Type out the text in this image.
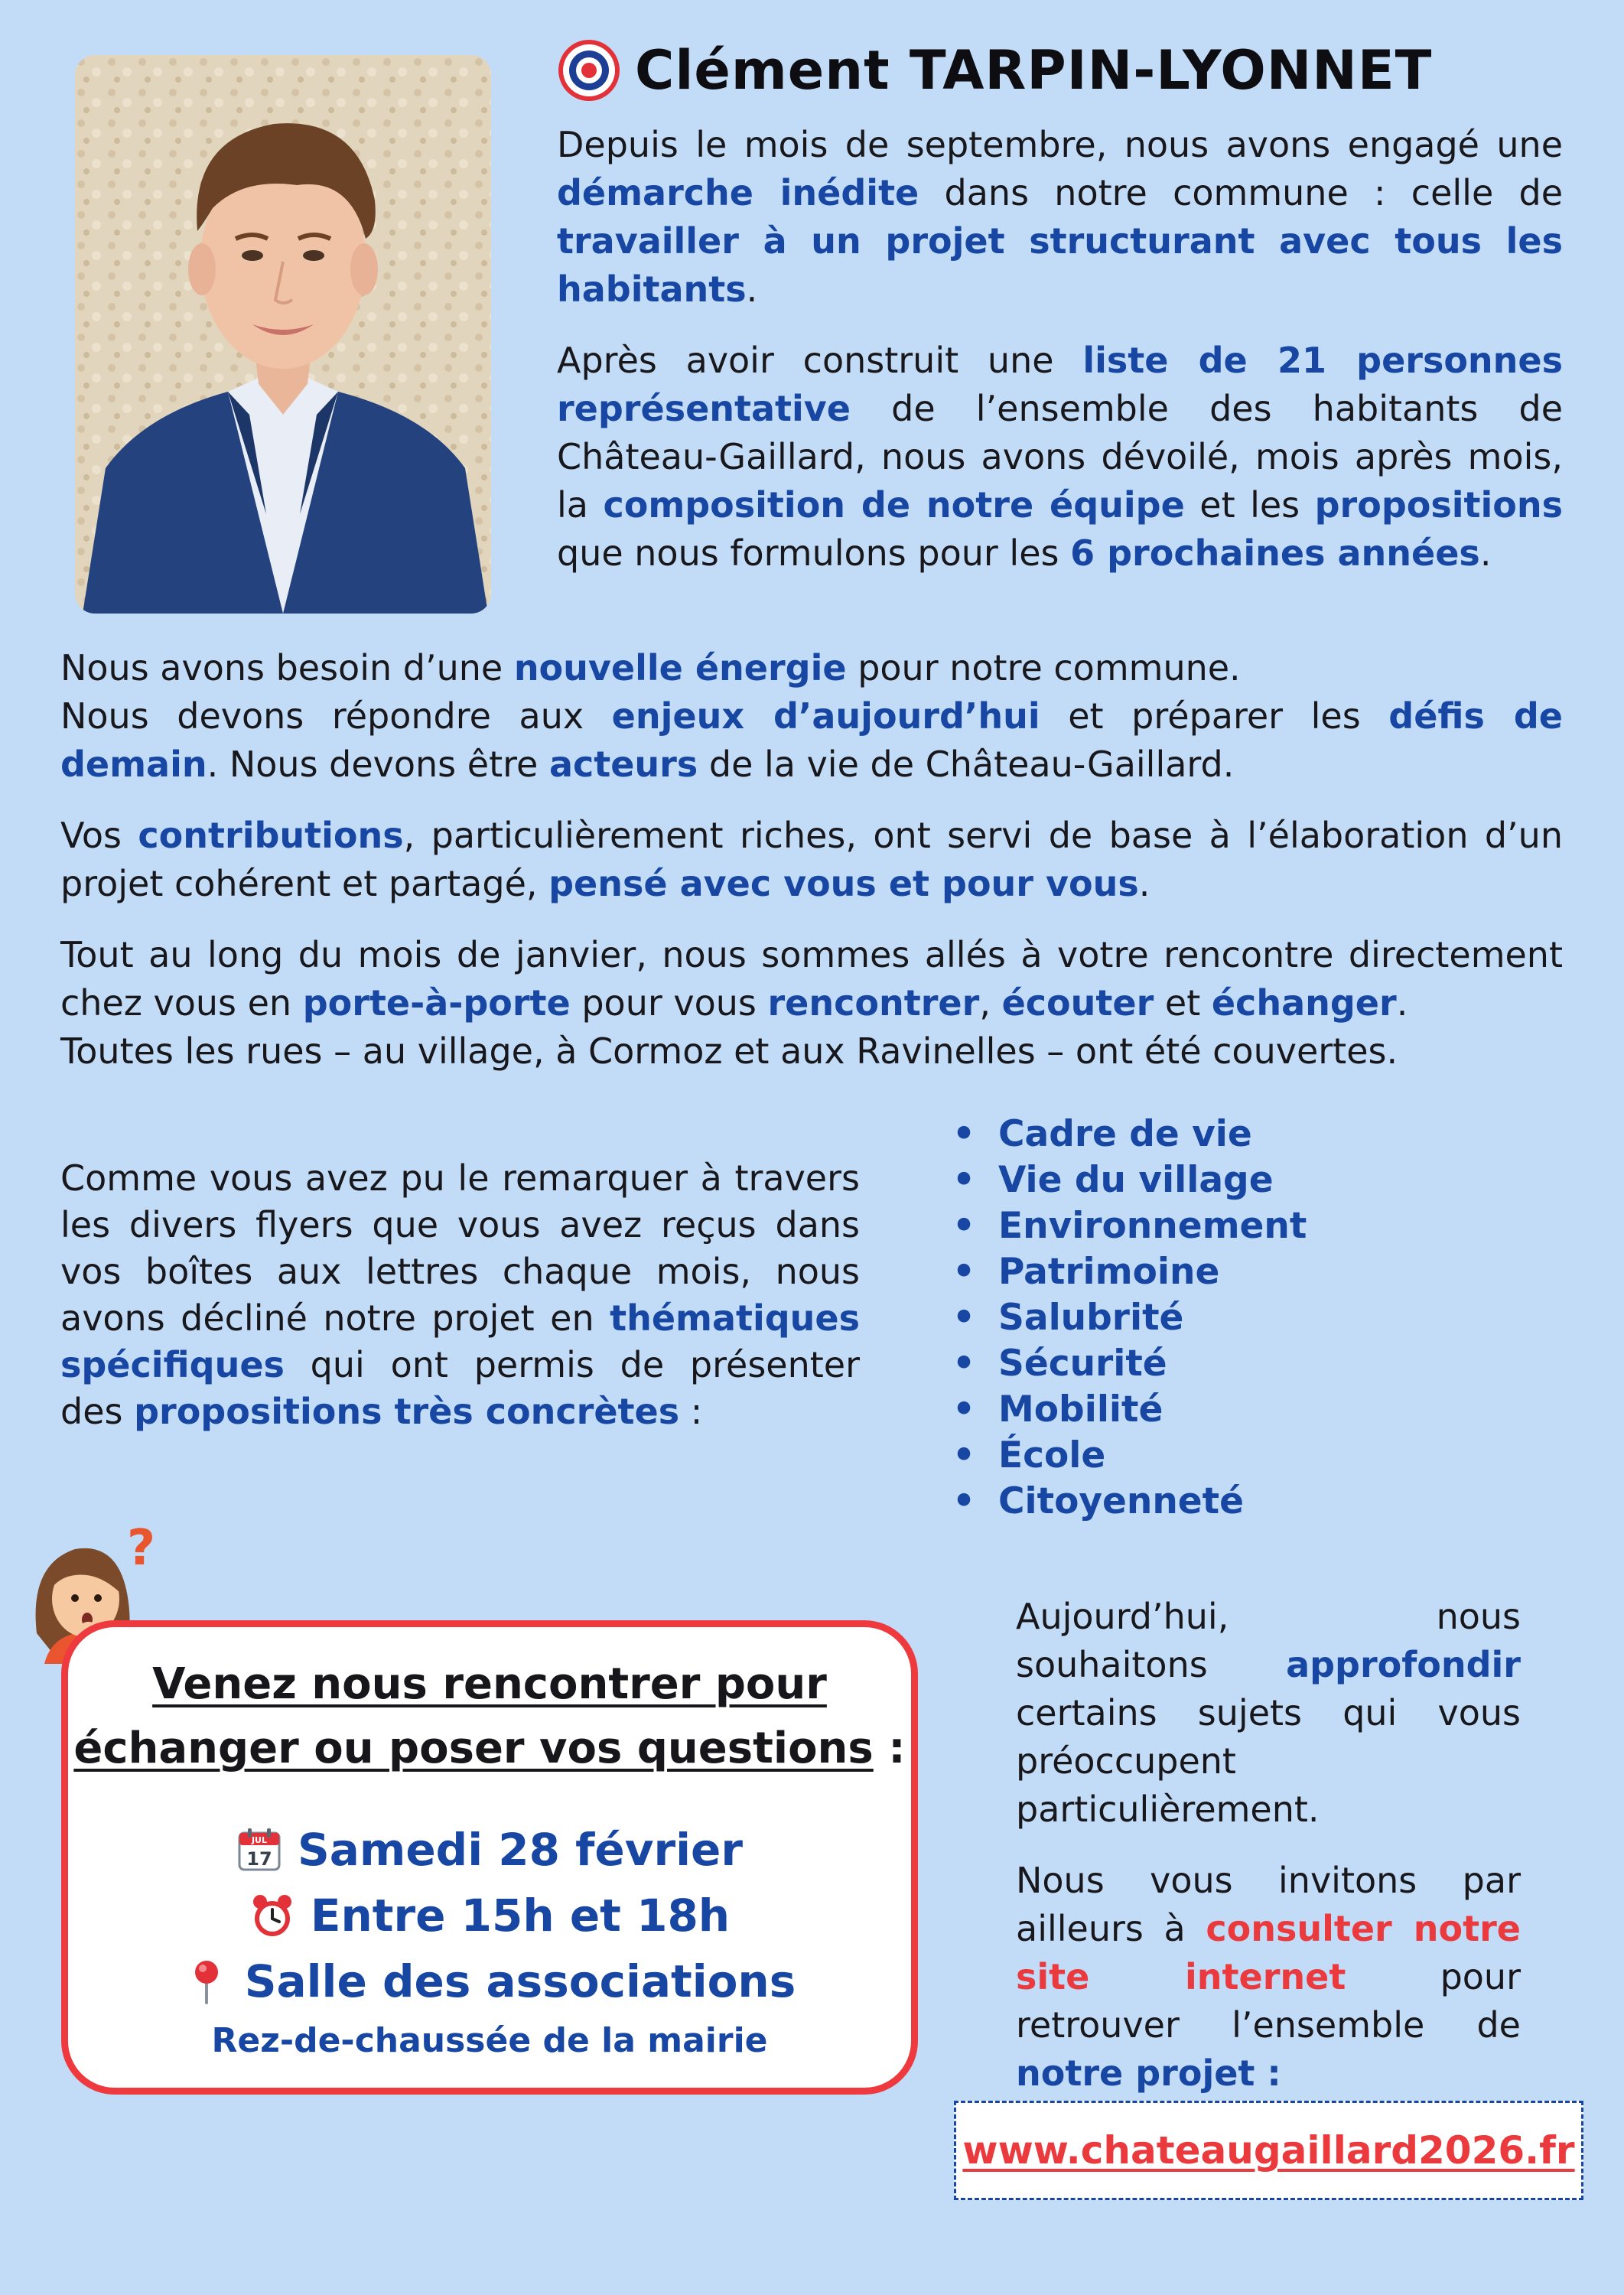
Clément TARPIN-LYONNET

Depuis le mois de septembre, nous avons engagé une démarche inédite dans notre commune : celle de travailler à un projet structurant avec tous les habitants.

Après avoir construit une liste de 21 personnes représentative de l’ensemble des habitants de Château-Gaillard, nous avons dévoilé, mois après mois, la composition de notre équipe et les propositions que nous formulons pour les 6 prochaines années.

Nous avons besoin d’une nouvelle énergie pour notre commune.
Nous devons répondre aux enjeux d’aujourd’hui et préparer les défis de demain. Nous devons être acteurs de la vie de Château-Gaillard.

Vos contributions, particulièrement riches, ont servi de base à l’élaboration d’un projet cohérent et partagé, pensé avec vous et pour vous.

Tout au long du mois de janvier, nous sommes allés à votre rencontre directement chez vous en porte-à-porte pour vous rencontrer, écouter et échanger.
Toutes les rues – au village, à Cormoz et aux Ravinelles – ont été couvertes.

Comme vous avez pu le remarquer à travers les divers flyers que vous avez reçus dans vos boîtes aux lettres chaque mois, nous avons décliné notre projet en thématiques spécifiques qui ont permis de présenter des propositions très concrètes :
• Cadre de vie
• Vie du village
• Environnement
• Patrimoine
• Salubrité
• Sécurité
• Mobilité
• École
• Citoyenneté
?
Venez nous rencontrer pour
échanger ou poser vos questions :
JUL
17 Samedi 28 février
Entre 15h et 18h
Salle des associations
Rez-de-chaussée de la mairie

Aujourd’hui, nous souhaitons approfondir certains sujets qui vous préoccupent particulièrement.

Nous vous invitons par ailleurs à consulter notre site internet pour retrouver l’ensemble de notre projet :

www.chateaugaillard2026.fr
